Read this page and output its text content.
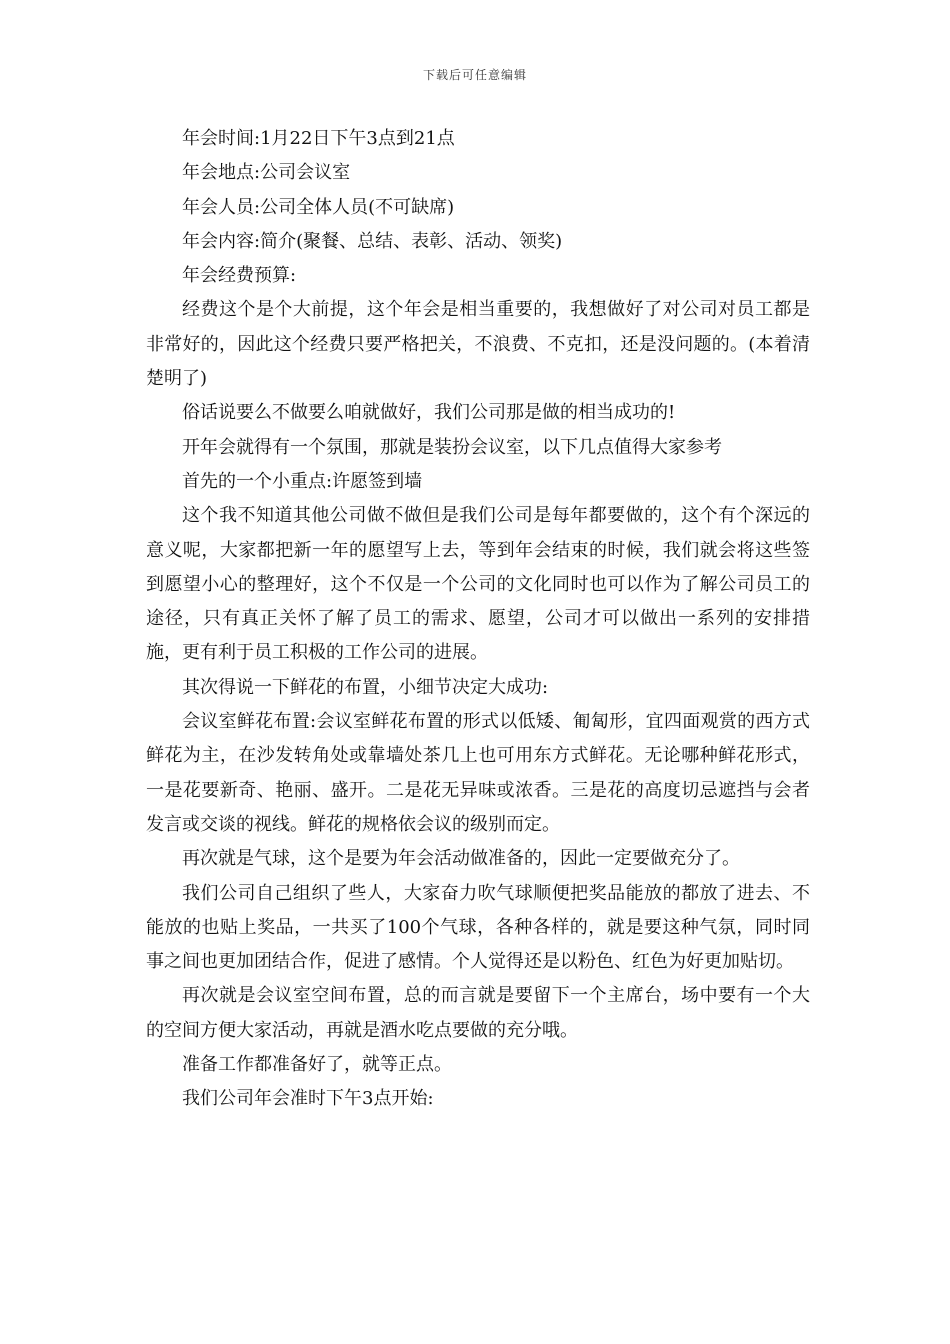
下载后可任意编辑

年会时间:1月22日下午3点到21点

年会地点:公司会议室

年会人员:公司全体人员(不可缺席)

年会内容:简介(聚餐、总结、表彰、活动、领奖)

年会经费预算:

经费这个是个大前提，这个年会是相当重要的，我想做好了对公司对员工都是非常好的，因此这个经费只要严格把关，不浪费、不克扣，还是没问题的。(本着清楚明了)

俗话说要么不做要么咱就做好，我们公司那是做的相当成功的!

开年会就得有一个氛围，那就是装扮会议室，以下几点值得大家参考

首先的一个小重点:许愿签到墙

这个我不知道其他公司做不做但是我们公司是每年都要做的，这个有个深远的意义呢，大家都把新一年的愿望写上去，等到年会结束的时候，我们就会将这些签到愿望小心的整理好，这个不仅是一个公司的文化同时也可以作为了解公司员工的途径，只有真正关怀了解了员工的需求、愿望，公司才可以做出一系列的安排措施，更有利于员工积极的工作公司的进展。

其次得说一下鲜花的布置，小细节决定大成功:

会议室鲜花布置:会议室鲜花布置的形式以低矮、匍匐形，宜四面观赏的西方式鲜花为主，在沙发转角处或靠墙处茶几上也可用东方式鲜花。无论哪种鲜花形式，一是花要新奇、艳丽、盛开。二是花无异味或浓香。三是花的高度切忌遮挡与会者发言或交谈的视线。鲜花的规格依会议的级别而定。

再次就是气球，这个是要为年会活动做准备的，因此一定要做充分了。

我们公司自己组织了些人，大家奋力吹气球顺便把奖品能放的都放了进去、不能放的也贴上奖品，一共买了100个气球，各种各样的，就是要这种气氛，同时同事之间也更加团结合作，促进了感情。个人觉得还是以粉色、红色为好更加贴切。

再次就是会议室空间布置，总的而言就是要留下一个主席台，场中要有一个大的空间方便大家活动，再就是酒水吃点要做的充分哦。

准备工作都准备好了，就等正点。

我们公司年会准时下午3点开始:
